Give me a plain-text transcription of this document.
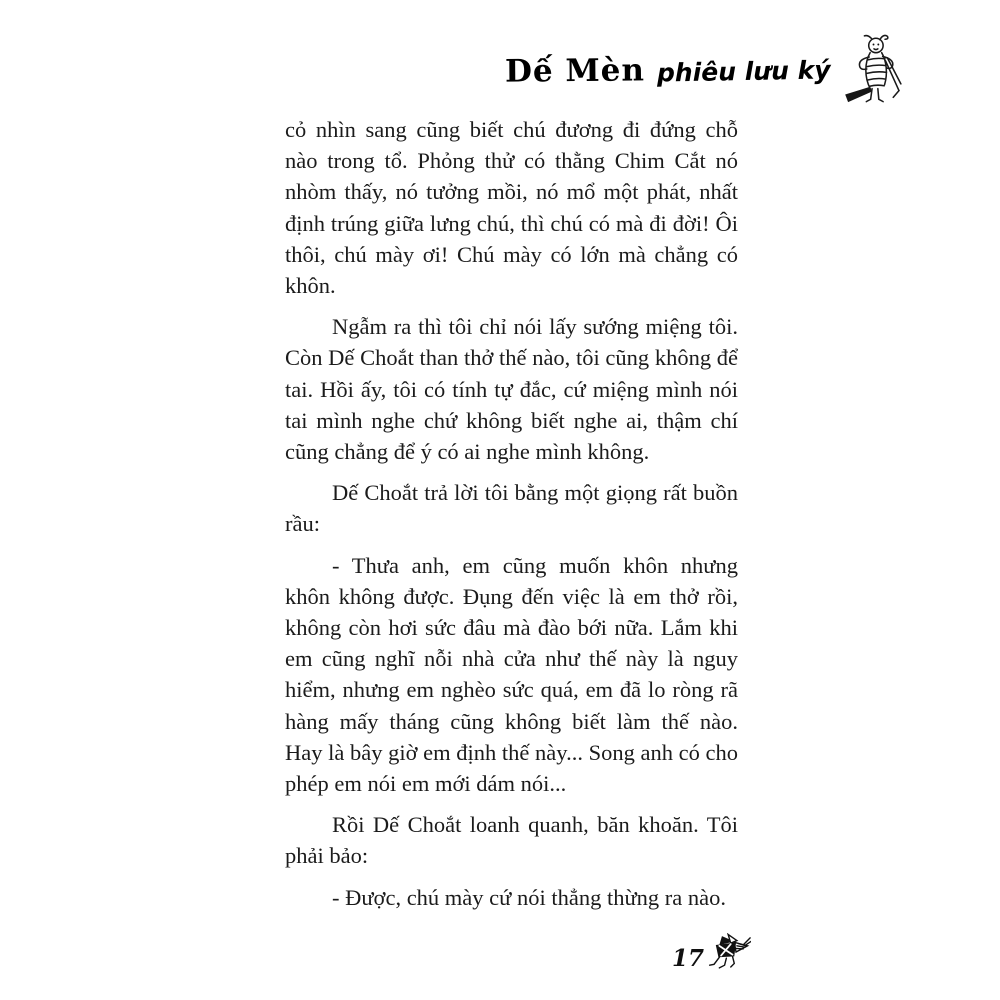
Dế Mèn phiêu lưu ký

cỏ nhìn sang cũng biết chú đương đi đứng chỗ nào trong tổ. Phỏng thử có thằng Chim Cắt nó nhòm thấy, nó tưởng mồi, nó mổ một phát, nhất định trúng giữa lưng chú, thì chú có mà đi đời! Ôi thôi, chú mày ơi! Chú mày có lớn mà chẳng có khôn.

Ngẫm ra thì tôi chỉ nói lấy sướng miệng tôi. Còn Dế Choắt than thở thế nào, tôi cũng không để tai. Hồi ấy, tôi có tính tự đắc, cứ miệng mình nói tai mình nghe chứ không biết nghe ai, thậm chí cũng chẳng để ý có ai nghe mình không.

Dế Choắt trả lời tôi bằng một giọng rất buồn rầu:

- Thưa anh, em cũng muốn khôn nhưng khôn không được. Đụng đến việc là em thở rồi, không còn hơi sức đâu mà đào bới nữa. Lắm khi em cũng nghĩ nỗi nhà cửa như thế này là nguy hiểm, nhưng em nghèo sức quá, em đã lo ròng rã hàng mấy tháng cũng không biết làm thế nào. Hay là bây giờ em định thế này... Song anh có cho phép em nói em mới dám nói...

Rồi Dế Choắt loanh quanh, băn khoăn. Tôi phải bảo:

- Được, chú mày cứ nói thẳng thừng ra nào.

17
